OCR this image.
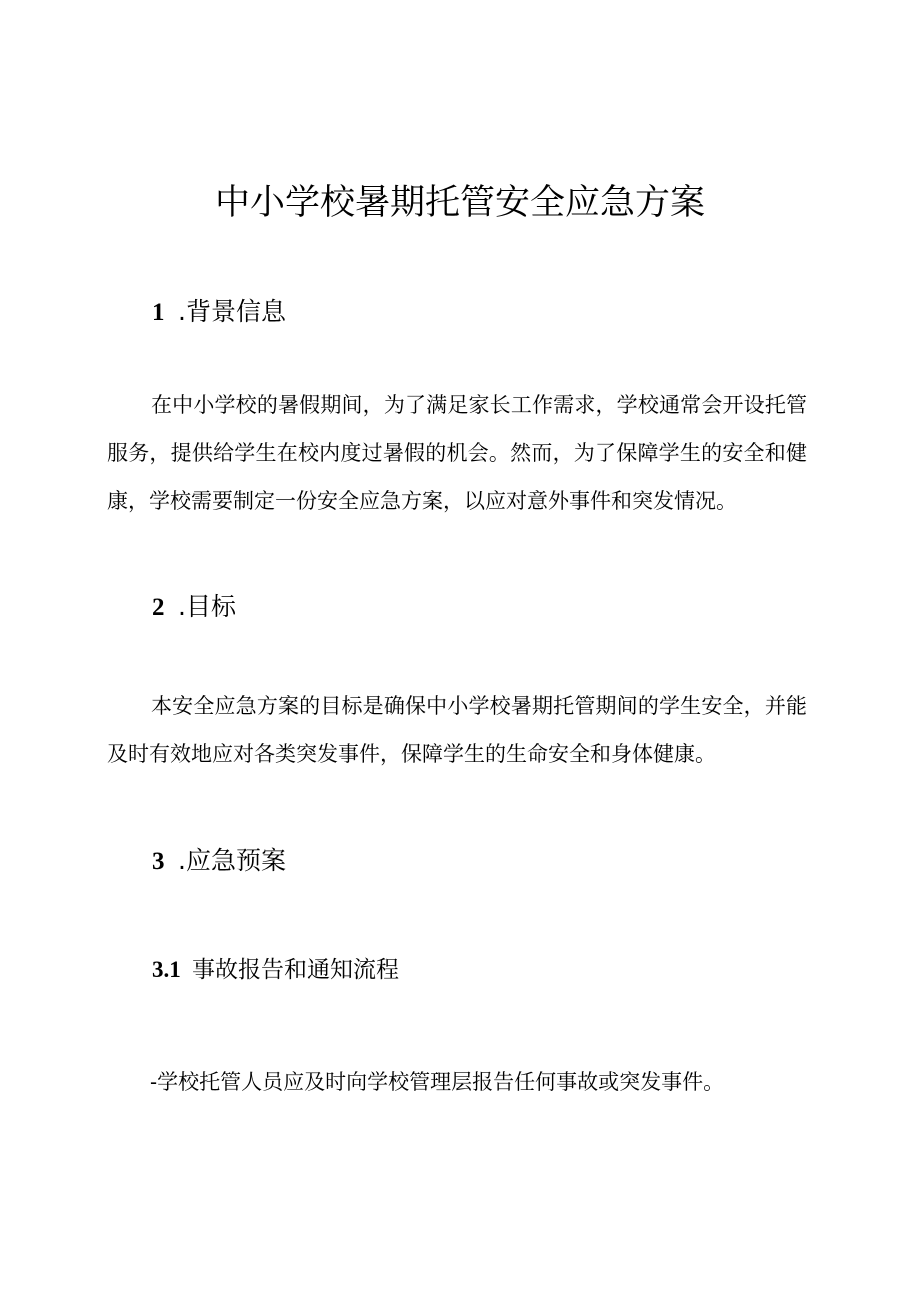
中小学校暑期托管安全应急方案
1 .背景信息

在中小学校的暑假期间，为了满足家长工作需求，学校通常会开设托管服务，提供给学生在校内度过暑假的机会。然而，为了保障学生的安全和健康，学校需要制定一份安全应急方案，以应对意外事件和突发情况。

2 .目标

本安全应急方案的目标是确保中小学校暑期托管期间的学生安全，并能及时有效地应对各类突发事件，保障学生的生命安全和身体健康。

3 .应急预案
3.1 事故报告和通知流程

-学校托管人员应及时向学校管理层报告任何事故或突发事件。
